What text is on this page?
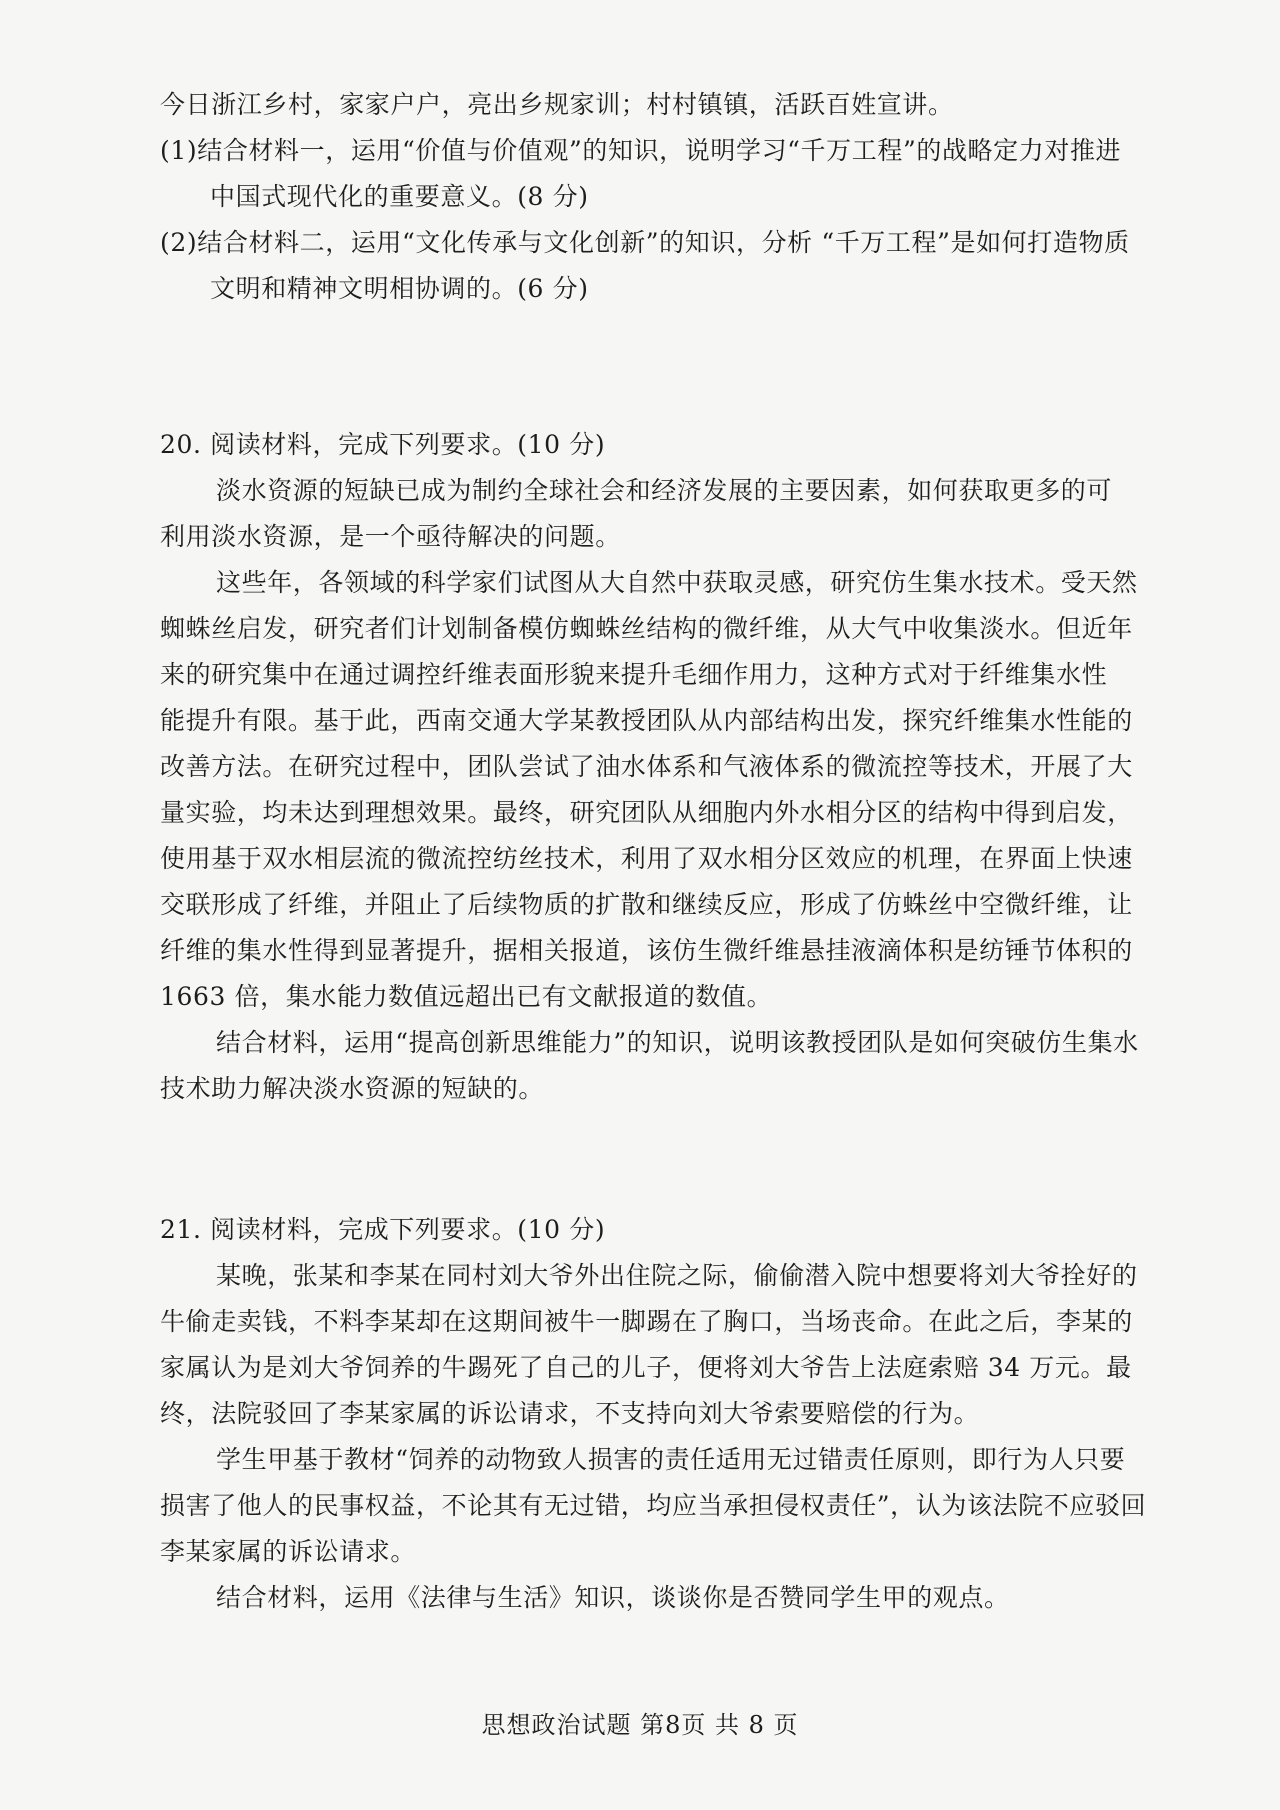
今日浙江乡村，家家户户，亮出乡规家训；村村镇镇，活跃百姓宣讲。
(1)结合材料一，运用“价值与价值观”的知识，说明学习“千万工程”的战略定力对推进
中国式现代化的重要意义。(8 分)
(2)结合材料二，运用“文化传承与文化创新”的知识，分析 “千万工程”是如何打造物质
文明和精神文明相协调的。(6 分)
20. 阅读材料，完成下列要求。(10 分)
淡水资源的短缺已成为制约全球社会和经济发展的主要因素，如何获取更多的可
利用淡水资源，是一个亟待解决的问题。
这些年，各领域的科学家们试图从大自然中获取灵感，研究仿生集水技术。受天然
蜘蛛丝启发，研究者们计划制备模仿蜘蛛丝结构的微纤维，从大气中收集淡水。但近年
来的研究集中在通过调控纤维表面形貌来提升毛细作用力，这种方式对于纤维集水性
能提升有限。基于此，西南交通大学某教授团队从内部结构出发，探究纤维集水性能的
改善方法。在研究过程中，团队尝试了油水体系和气液体系的微流控等技术，开展了大
量实验，均未达到理想效果。最终，研究团队从细胞内外水相分区的结构中得到启发，
使用基于双水相层流的微流控纺丝技术，利用了双水相分区效应的机理，在界面上快速
交联形成了纤维，并阻止了后续物质的扩散和继续反应，形成了仿蛛丝中空微纤维，让
纤维的集水性得到显著提升，据相关报道，该仿生微纤维悬挂液滴体积是纺锤节体积的
1663 倍，集水能力数值远超出已有文献报道的数值。
结合材料，运用“提高创新思维能力”的知识，说明该教授团队是如何突破仿生集水
技术助力解决淡水资源的短缺的。
21. 阅读材料，完成下列要求。(10 分)
某晚，张某和李某在同村刘大爷外出住院之际，偷偷潜入院中想要将刘大爷拴好的
牛偷走卖钱，不料李某却在这期间被牛一脚踢在了胸口，当场丧命。在此之后，李某的
家属认为是刘大爷饲养的牛踢死了自己的儿子，便将刘大爷告上法庭索赔 34 万元。最
终，法院驳回了李某家属的诉讼请求，不支持向刘大爷索要赔偿的行为。
学生甲基于教材“饲养的动物致人损害的责任适用无过错责任原则，即行为人只要
损害了他人的民事权益，不论其有无过错，均应当承担侵权责任”，认为该法院不应驳回
李某家属的诉讼请求。
结合材料，运用《法律与生活》知识，谈谈你是否赞同学生甲的观点。
思想政治试题 第8页 共 8 页
